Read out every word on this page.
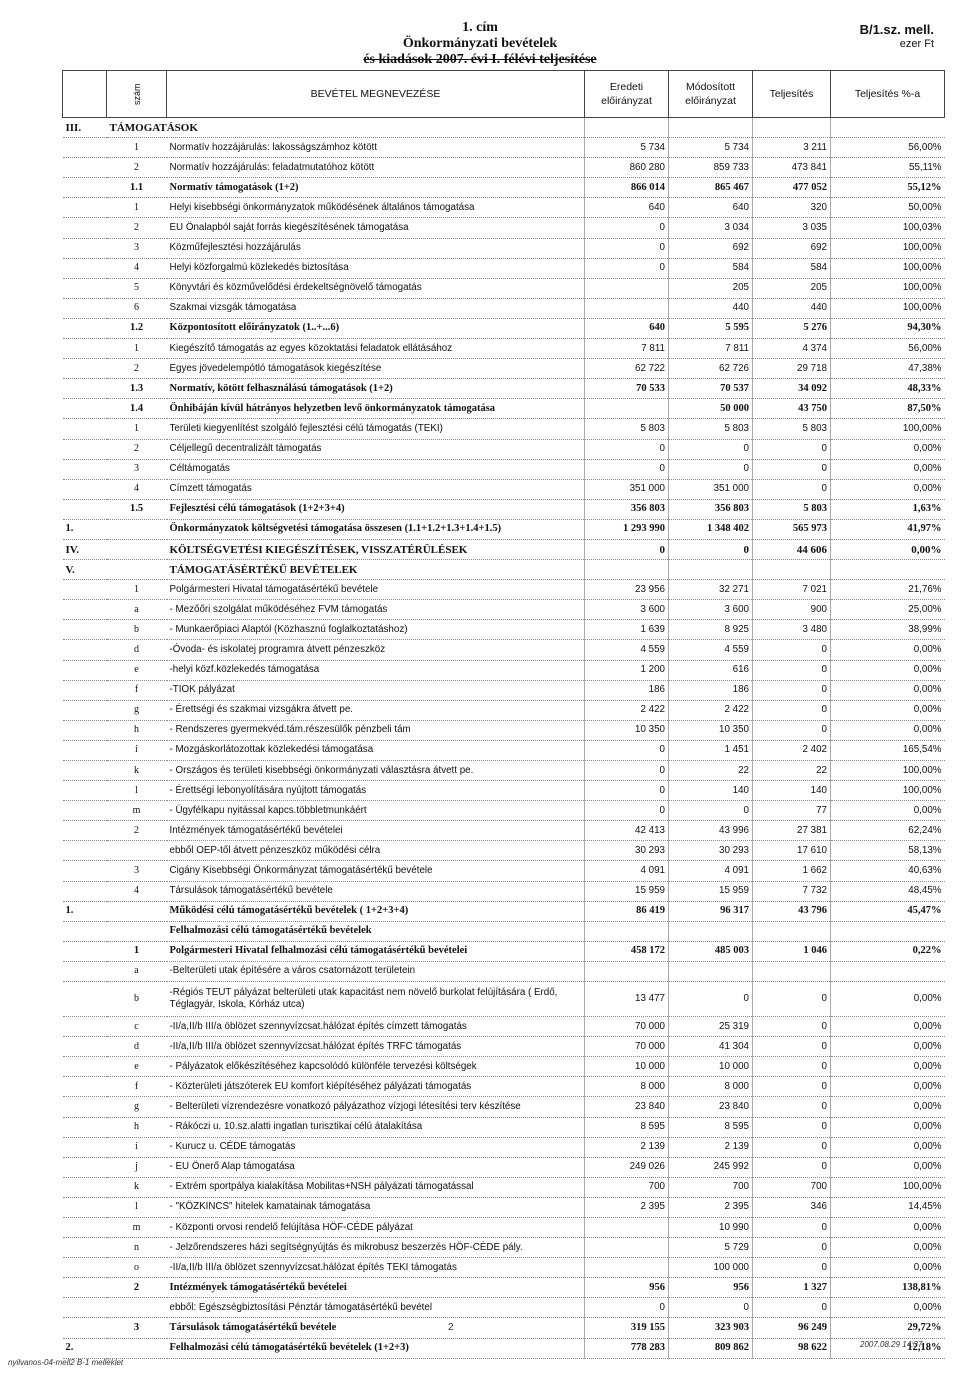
1. cím
Önkormányzati bevételek
és kiadások 2007. évi I. félévi teljesítése
B/1.sz. mell.
ezer Ft
	szám	BEVÉTEL MEGNEVEZÉSE	Eredeti előirányzat	Módosított előirányzat	Teljesítés	Teljesítés %-a
III.	TÁMOGATÁSOK					
	1	Normatív hozzájárulás: lakosságszámhoz kötött	5 734	5 734	3 211	56,00%
	2	Normatív hozzájárulás: feladatmutatóhoz kötött	860 280	859 733	473 841	55,11%
	1.1	Normatív támogatások (1+2)	866 014	865 467	477 052	55,12%
	1	Helyi kisebbségi önkormányzatok működésének általános támogatása	640	640	320	50,00%
	2	EU Önalapból saját forrás kiegészítésének támogatása	0	3 034	3 035	100,03%
	3	Közműfejlesztési hozzájárulás	0	692	692	100,00%
	4	Helyi közforgalmú közlekedés biztosítása	0	584	584	100,00%
	5	Könyvtári és közművelődési érdekeltségnövelő támogatás		205	205	100,00%
	6	Szakmai vizsgák támogatása		440	440	100,00%
	1.2	Központosított előirányzatok (1..+...6)	640	5 595	5 276	94,30%
	1	Kiegészítő támogatás az egyes közoktatási feladatok ellátásához	7 811	7 811	4 374	56,00%
	2	Egyes jövedelempótló támogatások kiegészítése	62 722	62 726	29 718	47,38%
	1.3	Normatív, kötött felhasználású támogatások (1+2)	70 533	70 537	34 092	48,33%
	1.4	Önhibáján kívül hátrányos helyzetben levő önkormányzatok támogatása		50 000	43 750	87,50%
	1	Területi kiegyenlítést szolgáló fejlesztési célú támogatás (TEKI)	5 803	5 803	5 803	100,00%
	2	Céljellegű decentralizált támogatás	0	0	0	0,00%
	3	Céltámogatás	0	0	0	0,00%
	4	Címzett támogatás	351 000	351 000	0	0,00%
	1.5	Fejlesztési célú támogatások (1+2+3+4)	356 803	356 803	5 803	1,63%
1.		Önkormányzatok költségvetési támogatása összesen (1.1+1.2+1.3+1.4+1.5)	1 293 990	1 348 402	565 973	41,97%
IV.		KÖLTSÉGVETÉSI KIEGÉSZÍTÉSEK, VISSZATÉRÜLÉSEK	0	0	44 606	0,00%
V.		TÁMOGATÁSÉRTÉKŰ BEVÉTELEK				
	1	Polgármesteri Hivatal támogatásértékű bevétele	23 956	32 271	7 021	21,76%
	a	- Mezőőri szolgálat működéséhez FVM támogatás	3 600	3 600	900	25,00%
	b	- Munkaerőpiaci Alaptól (Közhasznú foglalkoztatáshoz)	1 639	8 925	3 480	38,99%
	d	-Óvoda- és iskolatej programra átvett pénzeszköz	4 559	4 559	0	0,00%
	e	-helyi közf.közlekedés támogatása	1 200	616	0	0,00%
	f	-TIOK pályázat	186	186	0	0,00%
	g	- Érettségi és szakmai vizsgákra átvett pe.	2 422	2 422	0	0,00%
	h	- Rendszeres gyermekvéd.tám.részesülők pénzbeli tám	10 350	10 350	0	0,00%
	i	- Mozgáskorlátozottak közlekedési támogatása	0	1 451	2 402	165,54%
	k	- Országos és területi kisebbségi önkormányzati választásra átvett pe.	0	22	22	100,00%
	l	- Érettségi lebonyolítására nyújtott támogatás	0	140	140	100,00%
	m	- Ügyfélkapu nyitással kapcs.többletmunkáért	0	0	77	0,00%
	2	Intézmények támogatásértékű bevételei	42 413	43 996	27 381	62,24%
		ebből OEP-től átvett pénzeszköz működési célra	30 293	30 293	17 610	58,13%
	3	Cigány Kisebbségi Önkormányzat támogatásértékű bevétele	4 091	4 091	1 662	40,63%
	4	Társulások támogatásértékű bevétele	15 959	15 959	7 732	48,45%
1.		Működési célú támogatásértékű bevételek ( 1+2+3+4)	86 419	96 317	43 796	45,47%
		Felhalmozási célú támogatásértékű bevételek				
	1	Polgármesteri Hivatal felhalmozási célú támogatásértékű bevételei	458 172	485 003	1 046	0,22%
	a	-Belterületi utak építésére a város csatornázott területein				
	b	-Régiós TEUT pályázat belterületi utak kapacitást nem növelő burkolat felújítására ( Erdő, Téglagyár, Iskola, Kórház utca)	13 477	0	0	0,00%
	c	-II/a,II/b III/a öblözet szennyvízcsat.hálózat építés címzett támogatás	70 000	25 319	0	0,00%
	d	-II/a,II/b III/a öblözet szennyvízcsat.hálózat építés TRFC támogatás	70 000	41 304	0	0,00%
	e	- Pályázatok előkészítéséhez kapcsolódó különféle tervezési költségek	10 000	10 000	0	0,00%
	f	- Közterületi játszóterek EU komfort kiépítéséhez pályázati támogatás	8 000	8 000	0	0,00%
	g	- Belterületi vízrendezésre vonatkozó pályázathoz vízjogi létesítési terv készítése	23 840	23 840	0	0,00%
	h	- Rákóczi u. 10.sz.alatti ingatlan turisztikai célú átalakítása	8 595	8 595	0	0,00%
	i	- Kurucz u. CÉDE támogatás	2 139	2 139	0	0,00%
	j	- EU Önerő Alap támogatása	249 026	245 992	0	0,00%
	k	- Extrém sportpálya kialakítása Mobilitas+NSH pályázati támogatással	700	700	700	100,00%
	l	- "KÖZKINCS" hitelek kamatainak támogatása	2 395	2 395	346	14,45%
	m	- Központi orvosi rendelő felújítása HÖF-CÉDE pályázat		10 990	0	0,00%
	n	- Jelzőrendszeres házi segítségnyújtás és mikrobusz beszerzés HÖF-CÉDE pály.		5 729	0	0,00%
	o	-II/a,II/b III/a öblözet szennyvízcsat.hálózat építés TEKI támogatás		100 000	0	0,00%
	2	Intézmények támogatásértékű bevételei	956	956	1 327	138,81%
		ebből: Egészségbiztosítási Pénztár támogatásértékű bevétel	0	0	0	0,00%
	3	Társulások támogatásértékű bevétele	319 155	323 903	96 249	29,72%
2.		Felhalmozási célú támogatásértékű bevételek (1+2+3)	778 283	809 862	98 622	12,18%
nyilvanos-04-mell2 B-1 melléklet
2
2007.08.29 14:37
